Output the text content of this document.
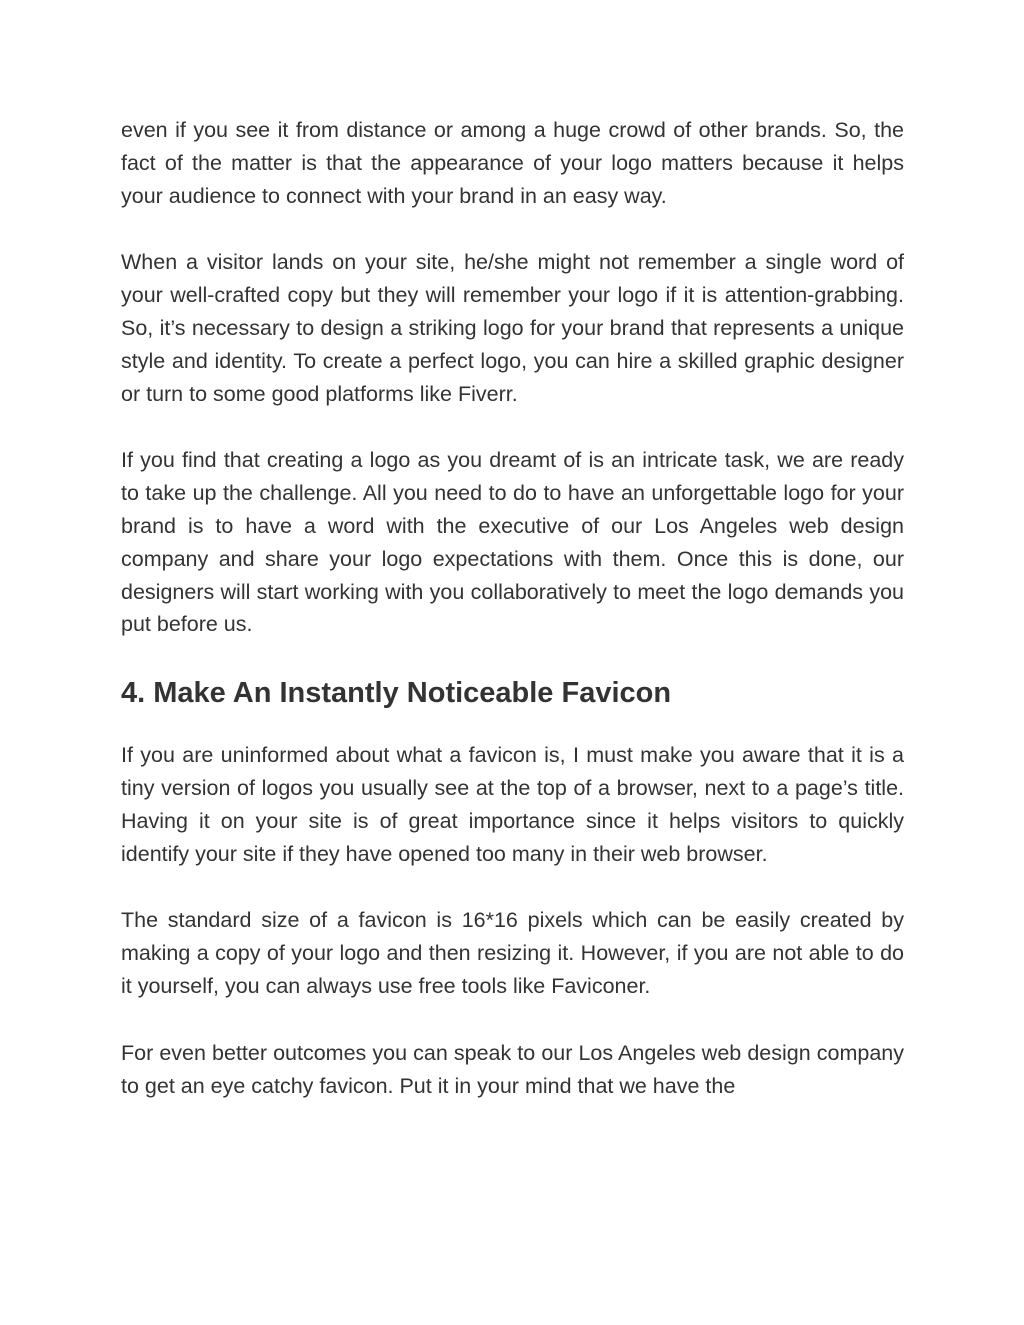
even if you see it from distance or among a huge crowd of other brands. So, the fact of the matter is that the appearance of your logo matters because it helps your audience to connect with your brand in an easy way.

When a visitor lands on your site, he/she might not remember a single word of your well-crafted copy but they will remember your logo if it is attention-grabbing. So, it’s necessary to design a striking logo for your brand that represents a unique style and identity. To create a perfect logo, you can hire a skilled graphic designer or turn to some good platforms like Fiverr.

If you find that creating a logo as you dreamt of is an intricate task, we are ready to take up the challenge. All you need to do to have an unforgettable logo for your brand is to have a word with the executive of our Los Angeles web design company and share your logo expectations with them. Once this is done, our designers will start working with you collaboratively to meet the logo demands you put before us.

4. Make An Instantly Noticeable Favicon

If you are uninformed about what a favicon is, I must make you aware that it is a tiny version of logos you usually see at the top of a browser, next to a page’s title. Having it on your site is of great importance since it helps visitors to quickly identify your site if they have opened too many in their web browser.

The standard size of a favicon is 16*16 pixels which can be easily created by making a copy of your logo and then resizing it. However, if you are not able to do it yourself, you can always use free tools like Faviconer.

For even better outcomes you can speak to our Los Angeles web design company to get an eye catchy favicon. Put it in your mind that we have the
